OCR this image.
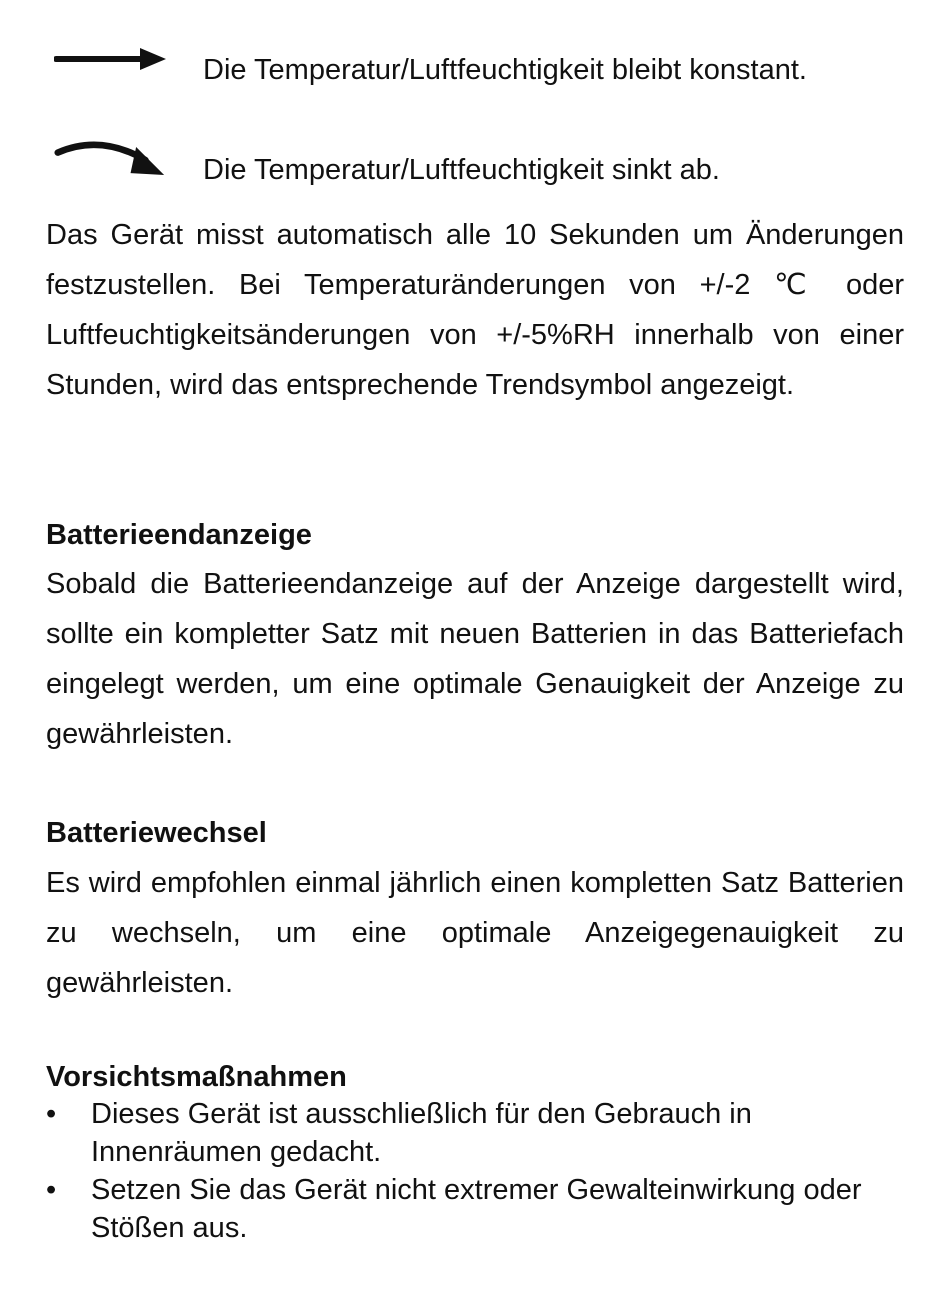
Die Temperatur/Luftfeuchtigkeit bleibt konstant.
Die Temperatur/Luftfeuchtigkeit sinkt ab.

Das Gerät misst automatisch alle 10 Sekunden um Änderungen festzustellen. Bei Temperaturänderungen von +/-2 ℃ oder Luftfeuchtigkeitsänderungen von +/-5%RH innerhalb von einer Stunden, wird das entsprechende Trendsymbol angezeigt.

Batterieendanzeige

Sobald die Batterieendanzeige auf der Anzeige dargestellt wird, sollte ein kompletter Satz mit neuen Batterien in das Batteriefach eingelegt werden, um eine optimale Genauigkeit der Anzeige zu gewährleisten.

Batteriewechsel

Es wird empfohlen einmal jährlich einen kompletten Satz Batterien zu wechseln, um eine optimale Anzeigegenauigkeit zu gewährleisten.

Vorsichtsmaßnahmen
•	Dieses Gerät ist ausschließlich für den Gebrauch in Innenräumen gedacht.
•	Setzen Sie das Gerät nicht extremer Gewalteinwirkung oder Stößen aus.
